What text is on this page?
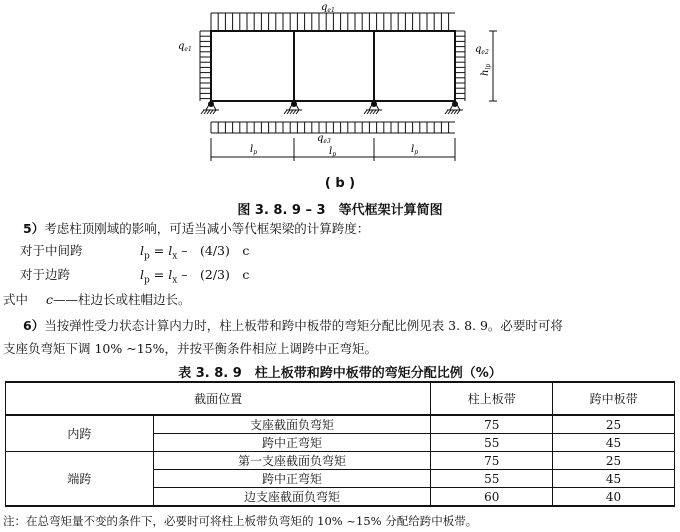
$q_{e1}$
$q_{e1}$	$q_{e2}$
$h_{lp}$
$q_{e3}$
$l_p$	$l_p$	$l_p$
( b )
图 3. 8. 9 – 3　等代框架计算简图
5）考虑柱顶刚域的影响，可适当减小等代框架梁的计算跨度：
对于中间跨	$l_p = l_x$ –　(4/3)　c
对于边跨	$l_p = l_x$ –　(2/3)　c
式中 c——柱边长或柱帽边长。
6）当按弹性受力状态计算内力时，柱上板带和跨中板带的弯矩分配比例见表 3. 8. 9。必要时可将
支座负弯矩下调 10% ~15%，并按平衡条件相应上调跨中正弯矩。
表 3. 8. 9　柱上板带和跨中板带的弯矩分配比例（%）
截面位置		柱上板带	跨中板带
内跨	支座截面负弯矩	75	25
	跨中正弯矩	55	45
端跨	第一支座截面负弯矩	75	25
	跨中正弯矩	55	45
	边支座截面负弯矩	60	40
注：在总弯矩量不变的条件下，必要时可将柱上板带负弯矩的 10% ~15% 分配给跨中板带。
